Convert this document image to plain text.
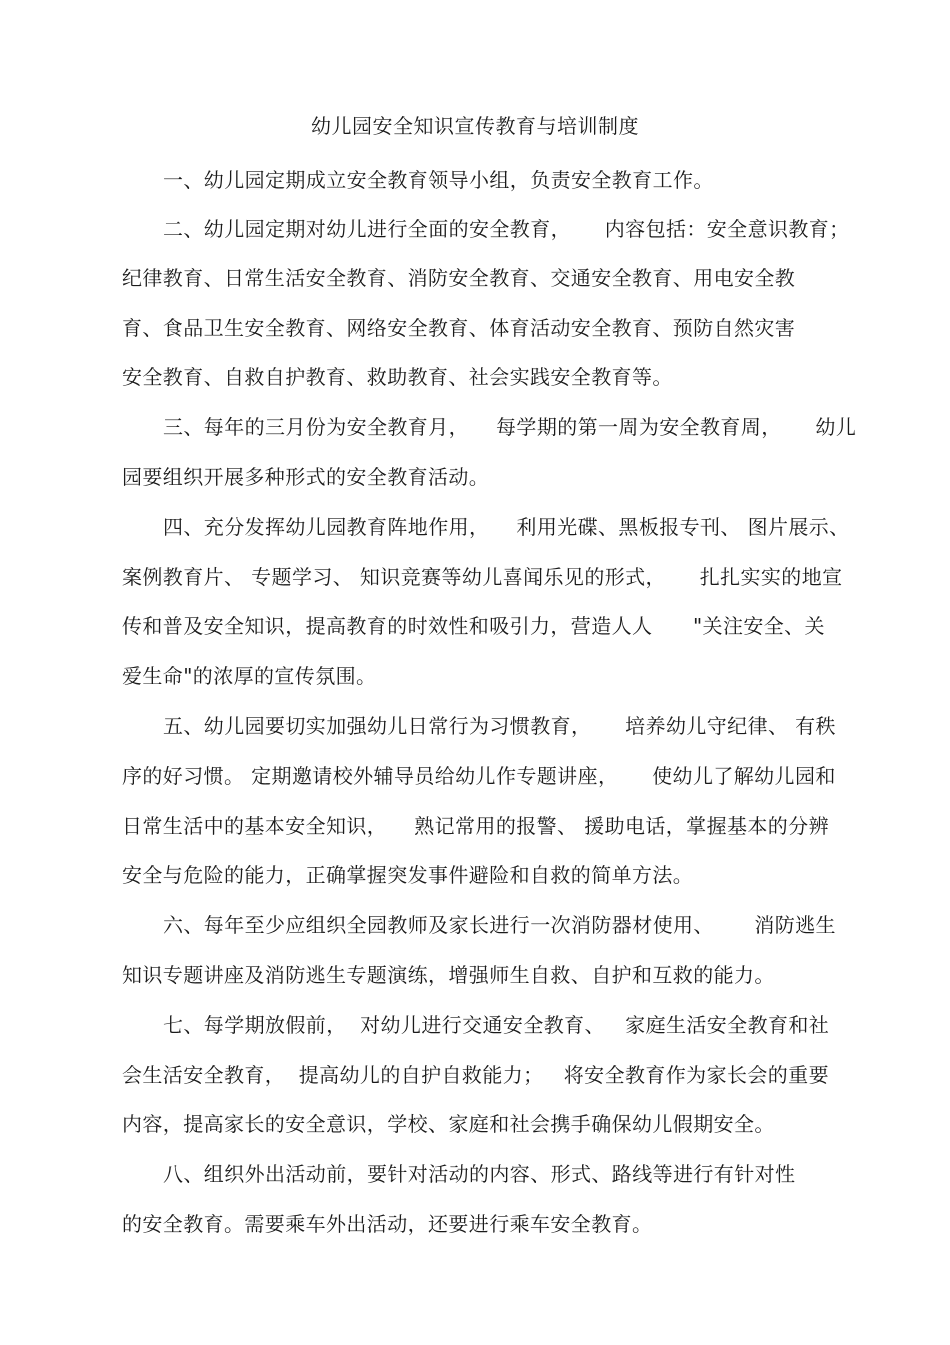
幼儿园安全知识宣传教育与培训制度
一、幼儿园定期成立安全教育领导小组，负责安全教育工作。
二、幼儿园定期对幼儿进行全面的安全教育，     内容包括：安全意识教育；
纪律教育、日常生活安全教育、消防安全教育、交通安全教育、用电安全教
育、食品卫生安全教育、网络安全教育、体育活动安全教育、预防自然灾害
安全教育、自救自护教育、救助教育、社会实践安全教育等。
三、每年的三月份为安全教育月，    每学期的第一周为安全教育周，     幼儿
园要组织开展多种形式的安全教育活动。
四、充分发挥幼儿园教育阵地作用，    利用光碟、黑板报专刊、 图片展示、
案例教育片、 专题学习、 知识竞赛等幼儿喜闻乐见的形式，     扎扎实实的地宣
传和普及安全知识，提高教育的时效性和吸引力，营造人人      "关注安全、关
爱生命"的浓厚的宣传氛围。
五、幼儿园要切实加强幼儿日常行为习惯教育，     培养幼儿守纪律、 有秩
序的好习惯。 定期邀请校外辅导员给幼儿作专题讲座，     使幼儿了解幼儿园和
日常生活中的基本安全知识，    熟记常用的报警、 援助电话，掌握基本的分辨
安全与危险的能力，正确掌握突发事件避险和自救的简单方法。
六、每年至少应组织全园教师及家长进行一次消防器材使用、      消防逃生
知识专题讲座及消防逃生专题演练，增强师生自救、自护和互救的能力。
七、每学期放假前，  对幼儿进行交通安全教育、   家庭生活安全教育和社
会生活安全教育，  提高幼儿的自护自救能力；   将安全教育作为家长会的重要
内容，提高家长的安全意识，学校、家庭和社会携手确保幼儿假期安全。
八、组织外出活动前，要针对活动的内容、形式、路线等进行有针对性
的安全教育。需要乘车外出活动，还要进行乘车安全教育。
